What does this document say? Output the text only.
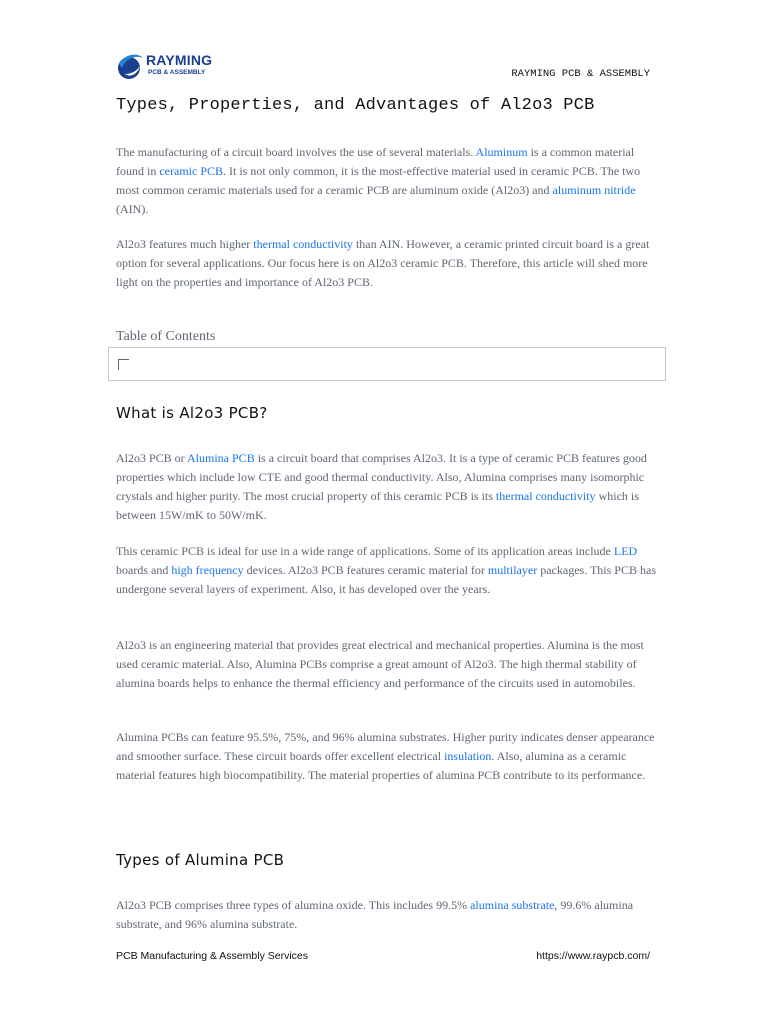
RAYMING
PCB & ASSEMBLY	RAYMING PCB & ASSEMBLY
Types, Properties, and Advantages of Al2o3 PCB

The manufacturing of a circuit board involves the use of several materials. Aluminum is a common material found in ceramic PCB. It is not only common, it is the most-effective material used in ceramic PCB. The two most common ceramic materials used for a ceramic PCB are aluminum oxide (Al2o3) and aluminum nitride (AIN).

Al2o3 features much higher thermal conductivity than AIN. However, a ceramic printed circuit board is a great option for several applications. Our focus here is on Al2o3 ceramic PCB. Therefore, this article will shed more light on the properties and importance of Al2o3 PCB.

Table of Contents
What is Al2o3 PCB?

Al2o3 PCB or Alumina PCB is a circuit board that comprises Al2o3. It is a type of ceramic PCB features good properties which include low CTE and good thermal conductivity. Also, Alumina comprises many isomorphic crystals and higher purity. The most crucial property of this ceramic PCB is its thermal conductivity which is between 15W/mK to 50W/mK.

This ceramic PCB is ideal for use in a wide range of applications. Some of its application areas include LED boards and high frequency devices. Al2o3 PCB features ceramic material for multilayer packages. This PCB has undergone several layers of experiment. Also, it has developed over the years.

Al2o3 is an engineering material that provides great electrical and mechanical properties. Alumina is the most used ceramic material. Also, Alumina PCBs comprise a great amount of Al2o3. The high thermal stability of alumina boards helps to enhance the thermal efficiency and performance of the circuits used in automobiles.

Alumina PCBs can feature 95.5%, 75%, and 96% alumina substrates. Higher purity indicates denser appearance and smoother surface. These circuit boards offer excellent electrical insulation. Also, alumina as a ceramic material features high biocompatibility. The material properties of alumina PCB contribute to its performance.

Types of Alumina PCB

Al2o3 PCB comprises three types of alumina oxide. This includes 99.5% alumina substrate, 99.6% alumina substrate, and 96% alumina substrate.

PCB Manufacturing & Assembly Services	https://www.raypcb.com/
